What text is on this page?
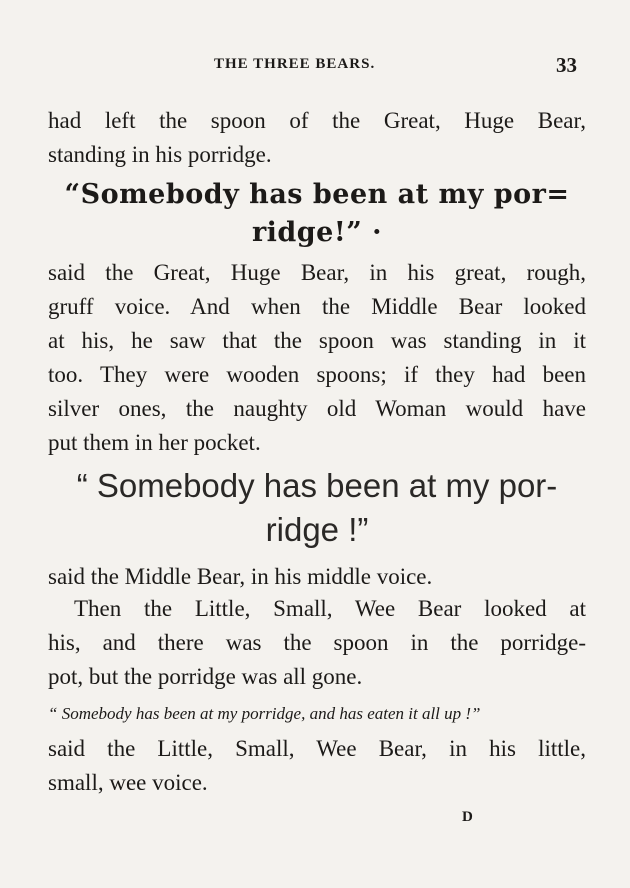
THE THREE BEARS.	33
had left the spoon of the Great, Huge Bear,
standing in his porridge.
“Somebody has been at my por=
ridge!” ·
said the Great, Huge Bear, in his great, rough,
gruff voice. And when the Middle Bear looked
at his, he saw that the spoon was standing in it
too. They were wooden spoons; if they had been
silver ones, the naughty old Woman would have
put them in her pocket.
“ Somebody has been at my por-
ridge !”
said the Middle Bear, in his middle voice.
Then the Little, Small, Wee Bear looked at
his, and there was the spoon in the porridge-
pot, but the porridge was all gone.
“ Somebody has been at my porridge, and has eaten it all up !”
said the Little, Small, Wee Bear, in his little,
small, wee voice.
D
